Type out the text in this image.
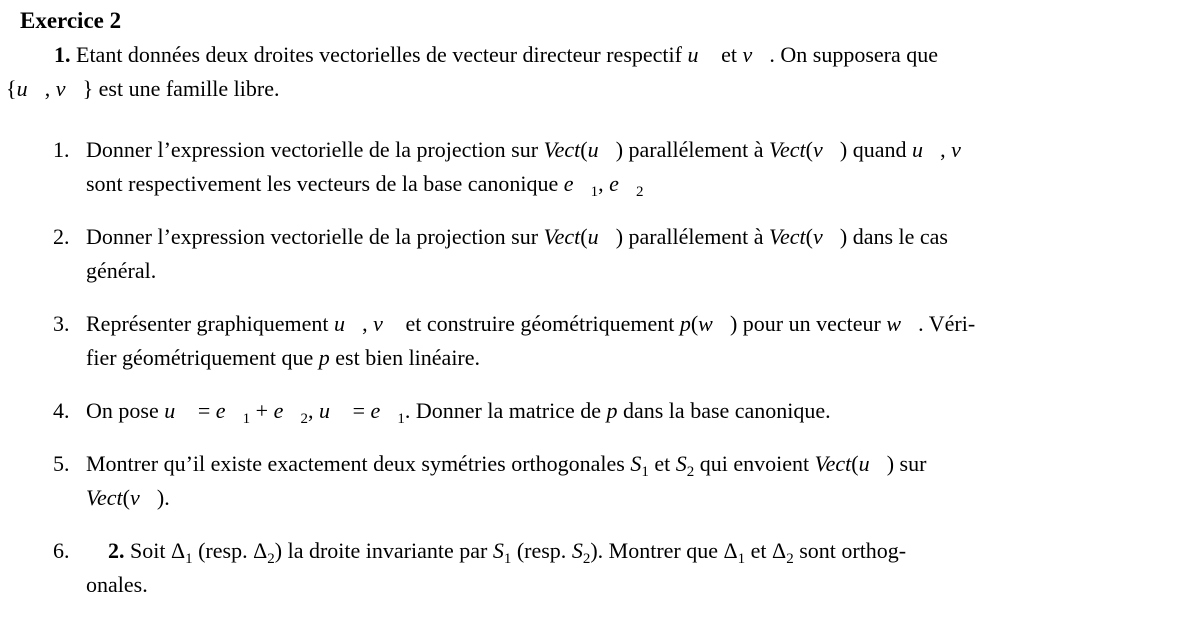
Exercice 2
1. Etant données deux droites vectorielles de vecteur directeur respectif u⃗ et v⃗. On supposera que
{u⃗, v⃗} est une famille libre.
1. Donner l’expression vectorielle de la projection sur Vect(u⃗) parallélement à Vect(v⃗) quand u⃗, v⃗
sont respectivement les vecteurs de la base canonique $e⃗_1$, $e⃗_2$
2. Donner l’expression vectorielle de la projection sur Vect(u⃗) parallélement à Vect(v⃗) dans le cas
général.
3. Représenter graphiquement u⃗, v⃗ et construire géométriquement p(w⃗) pour un vecteur w⃗. Véri-
fier géométriquement que p est bien linéaire.
4. On pose u⃗ = $e⃗_1$ + $e⃗_2$, u⃗ = $e⃗_1$. Donner la matrice de p dans la base canonique.
5. Montrer qu’il existe exactement deux symétries orthogonales $S_1$ et $S_2$ qui envoient Vect(u⃗) sur
Vect(v⃗).
6.	2. Soit $\Delta_1$ (resp. $\Delta_2$) la droite invariante par $S_1$ (resp. $S_2$). Montrer que $\Delta_1$ et $\Delta_2$ sont orthog-
onales.
